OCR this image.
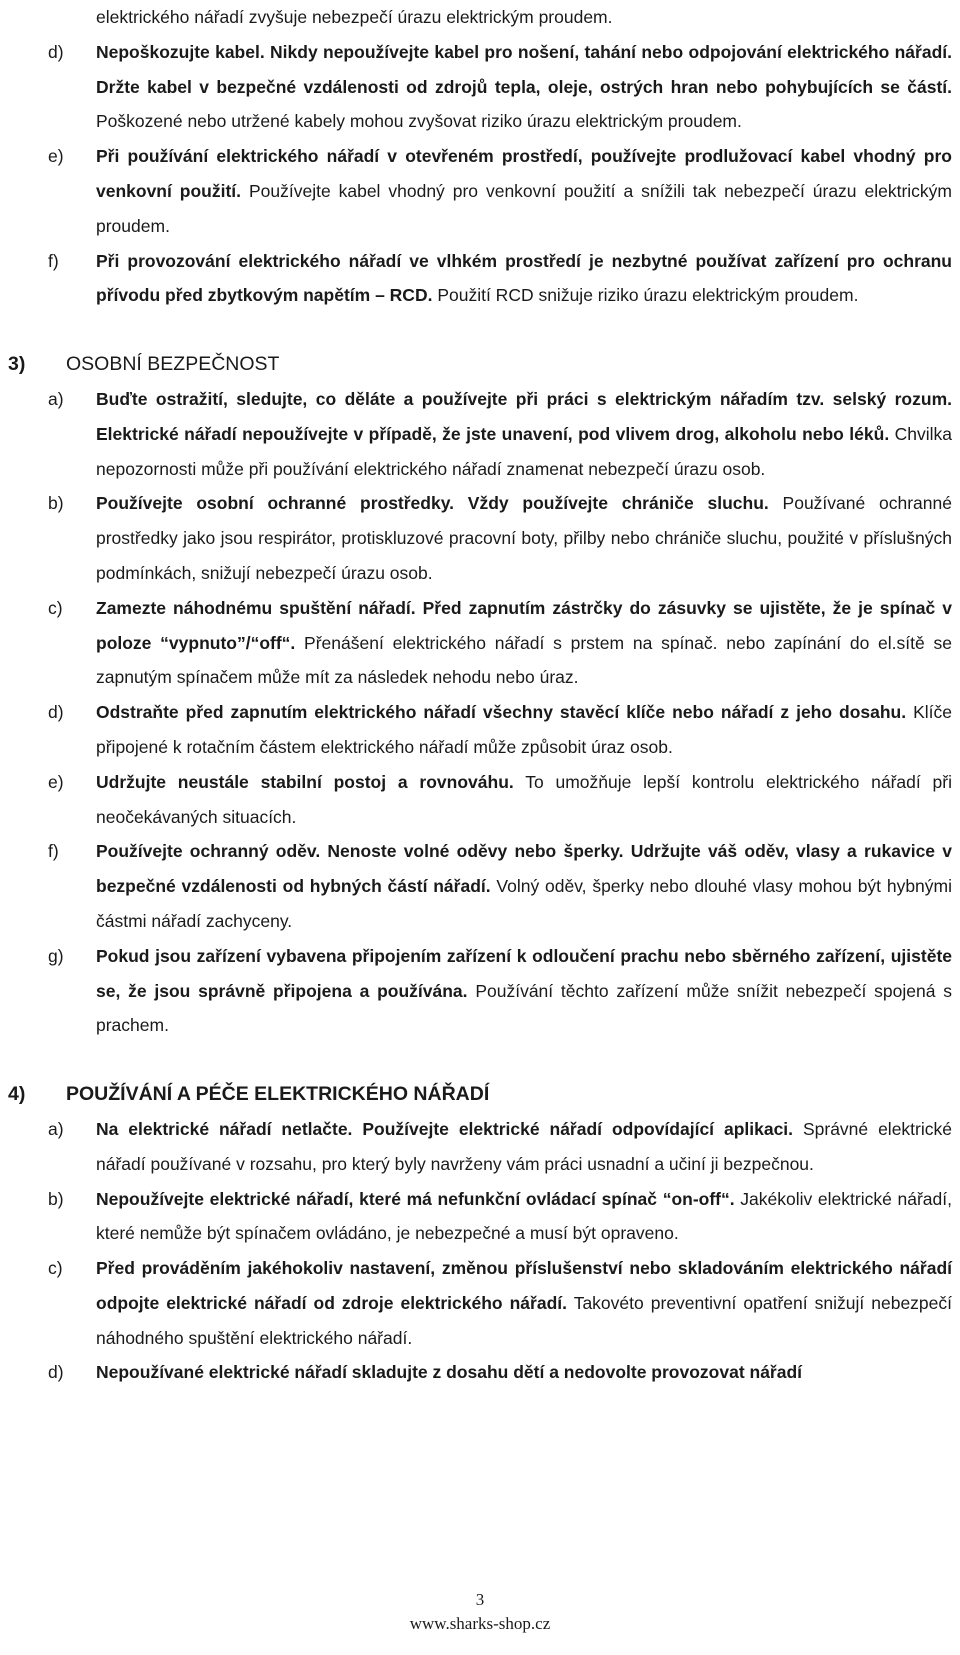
elektrického nářadí zvyšuje nebezpečí úrazu elektrickým proudem.
d) Nepoškozujte kabel. Nikdy nepoužívejte kabel pro nošení, tahání nebo odpojování elektrického nářadí. Držte kabel v bezpečné vzdálenosti od zdrojů tepla, oleje, ostrých hran nebo pohybujících se částí. Poškozené nebo utržené kabely mohou zvyšovat riziko úrazu elektrickým proudem.
e) Při používání elektrického nářadí v otevřeném prostředí, používejte prodlužovací kabel vhodný pro venkovní použití. Používejte kabel vhodný pro venkovní použití a snížili tak nebezpečí úrazu elektrickým proudem.
f) Při provozování elektrického nářadí ve vlhkém prostředí je nezbytné používat zařízení pro ochranu přívodu před zbytkovým napětím – RCD. Použití RCD snižuje riziko úrazu elektrickým proudem.
3) OSOBNÍ BEZPEČNOST
a) Buďte ostražití, sledujte, co děláte a používejte při práci s elektrickým nářadím tzv. selský rozum. Elektrické nářadí nepoužívejte v případě, že jste unavení, pod vlivem drog, alkoholu nebo léků. Chvilka nepozornosti může při používání elektrického nářadí znamenat nebezpečí úrazu osob.
b) Používejte osobní ochranné prostředky. Vždy používejte chrániče sluchu. Používané ochranné prostředky jako jsou respirátor, protiskluzové pracovní boty, přilby nebo chrániče sluchu, použité v příslušných podmínkách, snižují nebezpečí úrazu osob.
c) Zamezte náhodnému spuštění nářadí. Před zapnutím zástrčky do zásuvky se ujistěte, že je spínač v poloze “vypnuto”/“off“. Přenášení elektrického nářadí s prstem na spínač. nebo zapínání do el.sítě se zapnutým spínačem může mít za následek nehodu nebo úraz.
d) Odstraňte před zapnutím elektrického nářadí všechny stavěcí klíče nebo nářadí z jeho dosahu. Klíče připojené k rotačním částem elektrického nářadí může způsobit úraz osob.
e) Udržujte neustále stabilní postoj a rovnováhu. To umožňuje lepší kontrolu elektrického nářadí při neočekávaných situacích.
f) Používejte ochranný oděv. Nenoste volné oděvy nebo šperky. Udržujte váš oděv, vlasy a rukavice v bezpečné vzdálenosti od hybných částí nářadí. Volný oděv, šperky nebo dlouhé vlasy mohou být hybnými částmi nářadí zachyceny.
g) Pokud jsou zařízení vybavena připojením zařízení k odloučení prachu nebo sběrného zařízení, ujistěte se, že jsou správně připojena a používána. Používání těchto zařízení může snížit nebezpečí spojená s prachem.
4) POUŽÍVÁNÍ A PÉČE ELEKTRICKÉHO NÁŘADÍ
a) Na elektrické nářadí netlačte. Používejte elektrické nářadí odpovídající aplikaci. Správné elektrické nářadí používané v rozsahu, pro který byly navrženy vám práci usnadní a učiní ji bezpečnou.
b) Nepoužívejte elektrické nářadí, které má nefunkční ovládací spínač “on-off“. Jakékoliv elektrické nářadí, které nemůže být spínačem ovládáno, je nebezpečné a musí být opraveno.
c) Před prováděním jakéhokoliv nastavení, změnou příslušenství nebo skladováním elektrického nářadí odpojte elektrické nářadí od zdroje elektrického nářadí. Takovéto preventivní opatření snižují nebezpečí náhodného spuštění elektrického nářadí.
d) Nepoužívané elektrické nářadí skladujte z dosahu dětí a nedovolte provozovat nářadí
3
www.sharks-shop.cz
